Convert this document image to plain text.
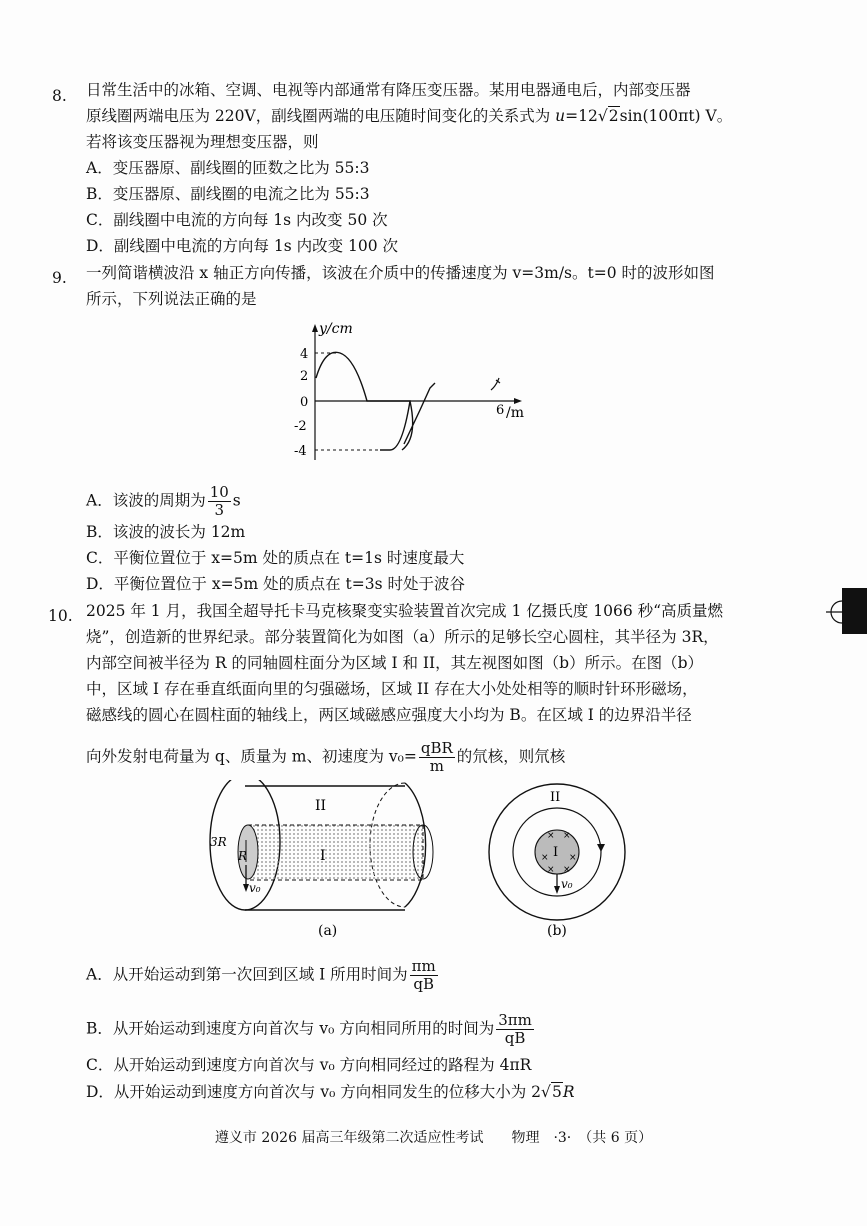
8. 日常生活中的冰箱、空调、电视等内部通常有降压变压器。某用电器通电后，内部变压器
原线圈两端电压为 220V，副线圈两端的电压随时间变化的关系式为 u=12√2sin(100πt) V。
若将该变压器视为理想变压器，则
A．变压器原、副线圈的匝数之比为 55:3
B．变压器原、副线圈的电流之比为 55:3
C．副线圈中电流的方向每 1s 内改变 50 次
D．副线圈中电流的方向每 1s 内改变 100 次
9. 一列简谐横波沿 x 轴正方向传播，该波在介质中的传播速度为 v=3m/s。t=0 时的波形如图
所示，下列说法正确的是
y/cm
/m
6
4
2
0
-2
-4
A．该波的周期为 $\frac{10}{3}$ s
B．该波的波长为 12m
C．平衡位置位于 x=5m 处的质点在 t=1s 时速度最大
D．平衡位置位于 x=5m 处的质点在 t=3s 时处于波谷
10. 2025 年 1 月，我国全超导托卡马克核聚变实验装置首次完成 1 亿摄氏度 1066 秒“高质量燃
烧”，创造新的世界纪录。部分装置简化为如图（a）所示的足够长空心圆柱，其半径为 3R，
内部空间被半径为 R 的同轴圆柱面分为区域 I 和 II，其左视图如图（b）所示。在图（b）
中，区域 I 存在垂直纸面向里的匀强磁场，区域 II 存在大小处处相等的顺时针环形磁场，
磁感线的圆心在圆柱面的轴线上，两区域磁感应强度大小均为 B。在区域 I 的边界沿半径
向外发射电荷量为 q、质量为 m、初速度为 $v_0= \frac{\text{qBR}}{m}$ 的氘核，则氘核
II
I
3R
R
v₀
(a)
× ×
× ×
× ×
I
II
v₀
(b)
A．从开始运动到第一次回到区域 I 所用时间为 $\frac{\pi m}{qB}$
B．从开始运动到速度方向首次与 v₀ 方向相同所用的时间为 $\frac{3\pi m}{qB}$
C．从开始运动到速度方向首次与 v₀ 方向相同经过的路程为 4πR
D．从开始运动到速度方向首次与 v₀ 方向相同发生的位移大小为 2√5R
遵义市 2026 届高三年级第二次适应性考试　　物理　·3·　（共 6 页）
